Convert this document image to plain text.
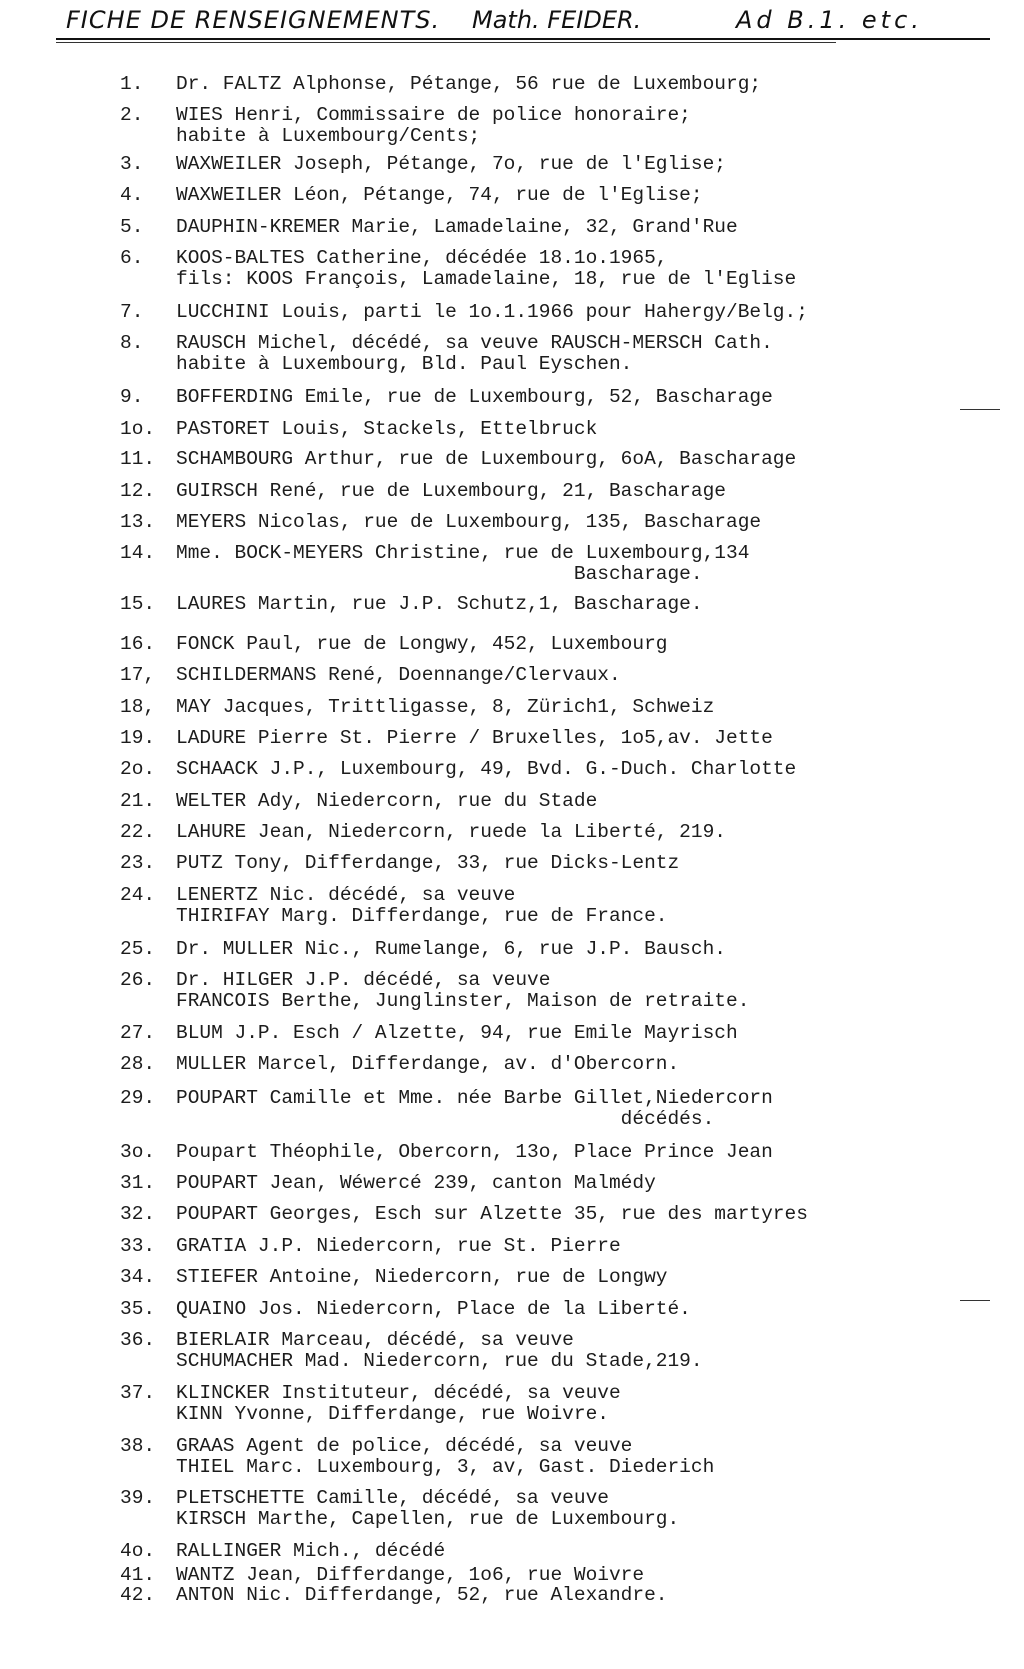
FICHE DE RENSEIGNEMENTS. Math. FEIDER.	Ad B.1. etc.
1.	Dr. FALTZ Alphonse, Pétange, 56 rue de Luxembourg;
2.	WIES Henri, Commissaire de police honoraire;
habite à Luxembourg/Cents;
3.	WAXWEILER Joseph, Pétange, 7o, rue de l'Eglise;
4.	WAXWEILER Léon, Pétange, 74, rue de l'Eglise;
5.	DAUPHIN-KREMER Marie, Lamadelaine, 32, Grand'Rue
6.	KOOS-BALTES Catherine, décédée 18.1o.1965,
fils: KOOS François, Lamadelaine, 18, rue de l'Eglise
7.	LUCCHINI Louis, parti le 1o.1.1966 pour Hahergy/Belg.;
8.	RAUSCH Michel, décédé, sa veuve RAUSCH-MERSCH Cath.
habite à Luxembourg, Bld. Paul Eyschen.
9.	BOFFERDING Emile, rue de Luxembourg, 52, Bascharage
1o.	PASTORET Louis, Stackels, Ettelbruck
11.	SCHAMBOURG Arthur, rue de Luxembourg, 6oA, Bascharage
12.	GUIRSCH René, rue de Luxembourg, 21, Bascharage
13.	MEYERS Nicolas, rue de Luxembourg, 135, Bascharage
14.	Mme. BOCK-MEYERS Christine, rue de Luxembourg,134
Bascharage.
15.	LAURES Martin, rue J.P. Schutz,1, Bascharage.
16.	FONCK Paul, rue de Longwy, 452, Luxembourg
17,	SCHILDERMANS René, Doennange/Clervaux.
18,	MAY Jacques, Trittligasse, 8, Zürich1, Schweiz
19.	LADURE Pierre St. Pierre / Bruxelles, 1o5,av. Jette
2o.	SCHAACK J.P., Luxembourg, 49, Bvd. G.-Duch. Charlotte
21.	WELTER Ady, Niedercorn, rue du Stade
22.	LAHURE Jean, Niedercorn, ruede la Liberté, 219.
23.	PUTZ Tony, Differdange, 33, rue Dicks-Lentz
24.	LENERTZ Nic. décédé, sa veuve
THIRIFAY Marg. Differdange, rue de France.
25.	Dr. MULLER Nic., Rumelange, 6, rue J.P. Bausch.
26.	Dr. HILGER J.P. décédé, sa veuve
FRANCOIS Berthe, Junglinster, Maison de retraite.
27.	BLUM J.P. Esch / Alzette, 94, rue Emile Mayrisch
28.	MULLER Marcel, Differdange, av. d'Obercorn.
29.	POUPART Camille et Mme. née Barbe Gillet,Niedercorn
décédés.
3o.	Poupart Théophile, Obercorn, 13o, Place Prince Jean
31.	POUPART Jean, Wéwercé 239, canton Malmédy
32.	POUPART Georges, Esch sur Alzette 35, rue des martyres
33.	GRATIA J.P. Niedercorn, rue St. Pierre
34.	STIEFER Antoine, Niedercorn, rue de Longwy
35.	QUAINO Jos. Niedercorn, Place de la Liberté.
36.	BIERLAIR Marceau, décédé, sa veuve
SCHUMACHER Mad. Niedercorn, rue du Stade,219.
37.	KLINCKER Instituteur, décédé, sa veuve
KINN Yvonne, Differdange, rue Woivre.
38.	GRAAS Agent de police, décédé, sa veuve
THIEL Marc. Luxembourg, 3, av, Gast. Diederich
39.	PLETSCHETTE Camille, décédé, sa veuve
KIRSCH Marthe, Capellen, rue de Luxembourg.
4o.	RALLINGER Mich., décédé
41.	WANTZ Jean, Differdange, 1o6, rue Woivre
42.	ANTON Nic. Differdange, 52, rue Alexandre.
